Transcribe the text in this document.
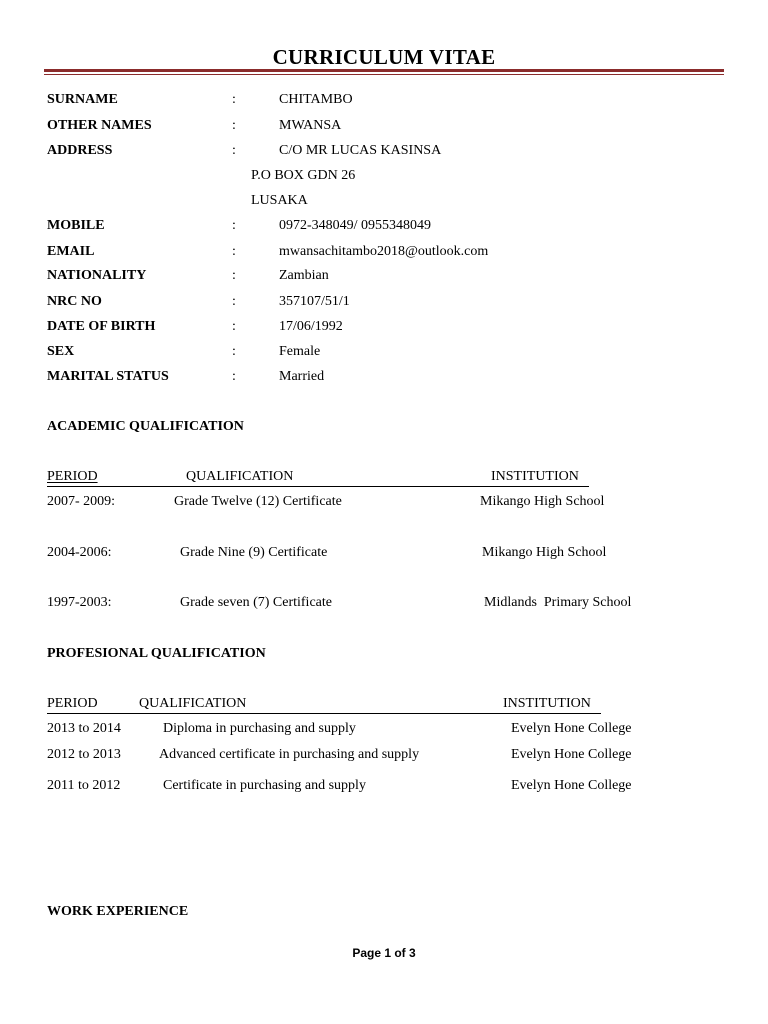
CURRICULUM VITAE
SURNAME	:	CHITAMBO
OTHER NAMES	:	MWANSA
ADDRESS	:	C/O MR LUCAS KASINSA
P.O BOX GDN 26
LUSAKA
MOBILE	:	0972-348049/ 0955348049
EMAIL	:	mwansachitambo2018@outlook.com
NATIONALITY	:	Zambian
NRC NO	:	357107/51/1
DATE OF BIRTH	:	17/06/1992
SEX	:	Female
MARITAL STATUS	:	Married
ACADEMIC QUALIFICATION
PERIOD	QUALIFICATION	INSTITUTION
2007- 2009:	Grade Twelve (12) Certificate	Mikango High School
2004-2006:	Grade Nine (9) Certificate	Mikango High School
1997-2003:	Grade seven (7) Certificate	Midlands  Primary School
PROFESIONAL QUALIFICATION
PERIOD	QUALIFICATION	INSTITUTION
2013 to 2014	Diploma in purchasing and supply	Evelyn Hone College
2012 to 2013	Advanced certificate in purchasing and supply	Evelyn Hone College
2011 to 2012	Certificate in purchasing and supply	Evelyn Hone College
WORK EXPERIENCE
Page 1 of 3
